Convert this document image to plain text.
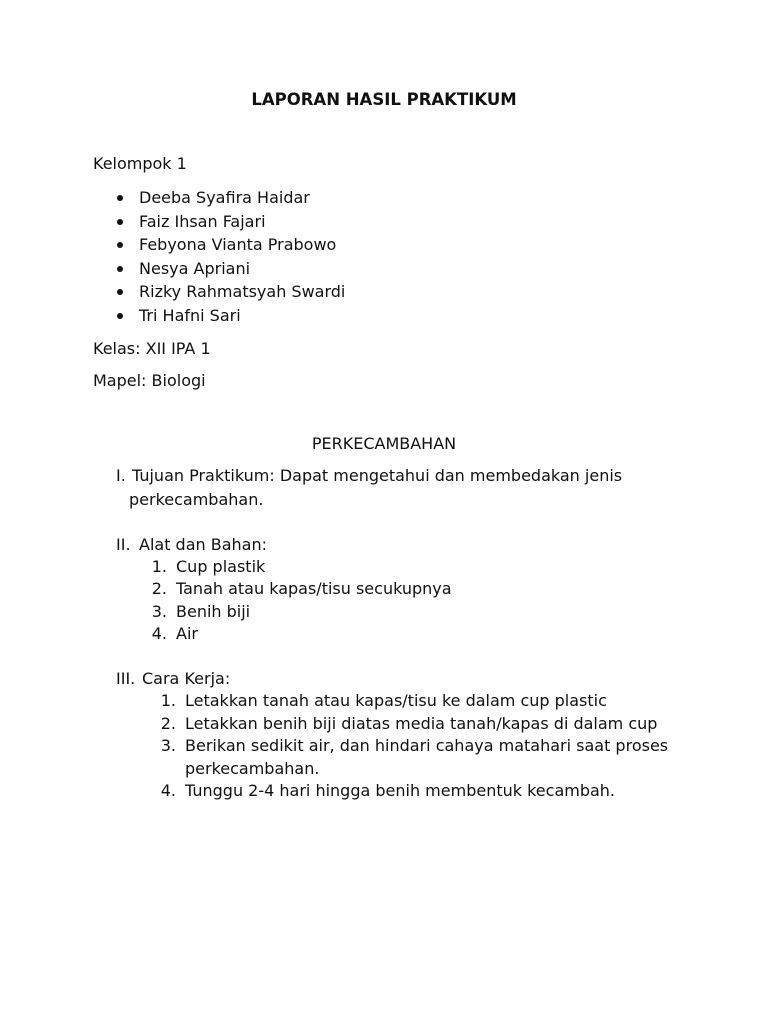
LAPORAN HASIL PRAKTIKUM
Kelompok 1
Deeba Syafira Haidar
Faiz Ihsan Fajari
Febyona Vianta Prabowo
Nesya Apriani
Rizky Rahmatsyah Swardi
Tri Hafni Sari
Kelas: XII IPA 1
Mapel: Biologi
PERKECAMBAHAN
I. Tujuan Praktikum: Dapat mengetahui dan membedakan jenis
perkecambahan.
II. Alat dan Bahan:
1. Cup plastik
2. Tanah atau kapas/tisu secukupnya
3. Benih biji
4. Air
III. Cara Kerja:
1. Letakkan tanah atau kapas/tisu ke dalam cup plastic
2. Letakkan benih biji diatas media tanah/kapas di dalam cup
3. Berikan sedikit air, dan hindari cahaya matahari saat proses
perkecambahan.
4. Tunggu 2-4 hari hingga benih membentuk kecambah.
